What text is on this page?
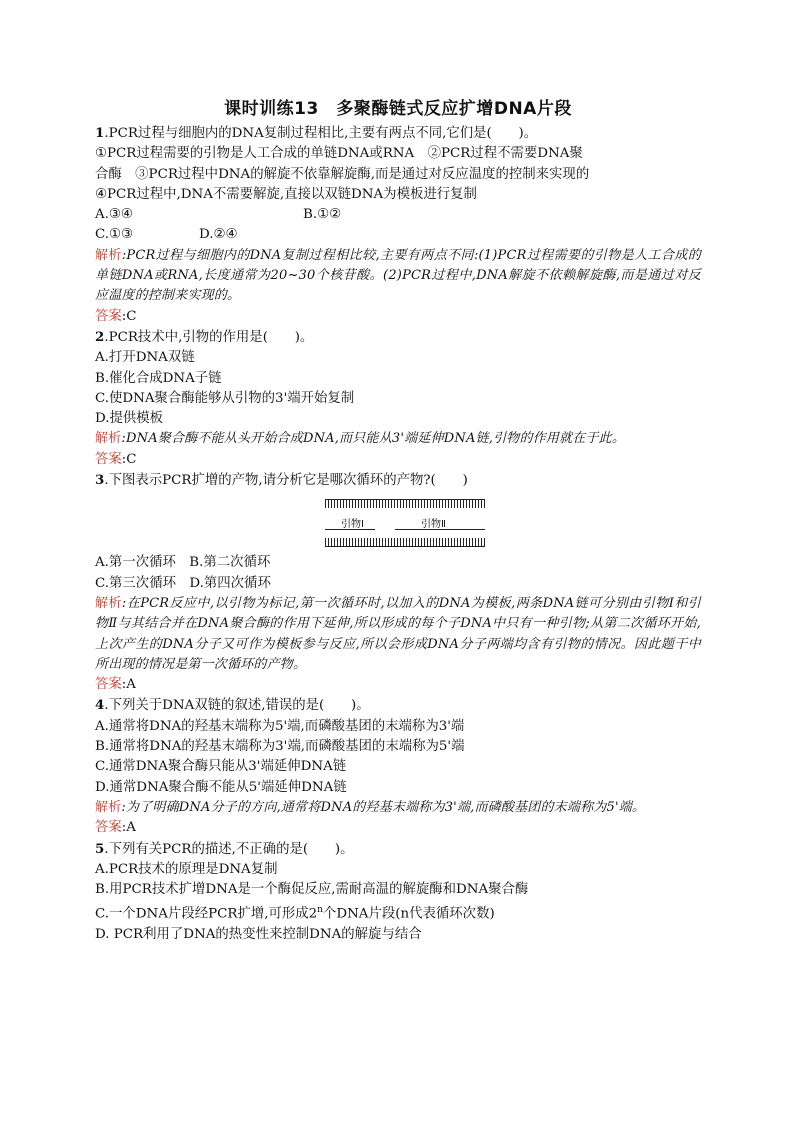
课时训练13　多聚酶链式反应扩增DNA片段
1.PCR过程与细胞内的DNA复制过程相比,主要有两点不同,它们是(　　)。
①PCR过程需要的引物是人工合成的单链DNA或RNA　②PCR过程不需要DNA聚
合酶　③PCR过程中DNA的解旋不依靠解旋酶,而是通过对反应温度的控制来实现的
④PCR过程中,DNA不需要解旋,直接以双链DNA为模板进行复制
A.③④	B.①②
C.①③	D.②④
解析:PCR过程与细胞内的DNA复制过程相比较,主要有两点不同:(1)PCR过程需要的引物是人工合成的单链DNA或RNA,长度通常为20~30个核苷酸。(2)PCR过程中,DNA解旋不依赖解旋酶,而是通过对反应温度的控制来实现的。
答案:C
2.PCR技术中,引物的作用是(　　)。
A.打开DNA双链
B.催化合成DNA子链
C.使DNA聚合酶能够从引物的3'端开始复制
D.提供模板
解析:DNA聚合酶不能从头开始合成DNA,而只能从3'端延伸DNA链,引物的作用就在于此。
答案:C
3.下图表示PCR扩增的产物,请分析它是哪次循环的产物?(　　)
引物Ⅰ	引物Ⅱ
A.第一次循环　 B.第二次循环
C.第三次循环　 D.第四次循环
解析:在PCR反应中,以引物为标记,第一次循环时,以加入的DNA为模板,两条DNA链可分别由引物Ⅰ和引物Ⅱ与其结合并在DNA聚合酶的作用下延伸,所以形成的每个子DNA中只有一种引物;从第二次循环开始,上次产生的DNA分子又可作为模板参与反应,所以会形成DNA分子两端均含有引物的情况。因此题干中所出现的情况是第一次循环的产物。
答案:A
4.下列关于DNA双链的叙述,错误的是(　　)。
A.通常将DNA的羟基末端称为5'端,而磷酸基团的末端称为3'端
B.通常将DNA的羟基末端称为3'端,而磷酸基团的末端称为5'端
C.通常DNA聚合酶只能从3'端延伸DNA链
D.通常DNA聚合酶不能从5'端延伸DNA链
解析:为了明确DNA分子的方向,通常将DNA的羟基末端称为3'端,而磷酸基团的末端称为5'端。
答案:A
5.下列有关PCR的描述,不正确的是(　　)。
A.PCR技术的原理是DNA复制
B.用PCR技术扩增DNA是一个酶促反应,需耐高温的解旋酶和DNA聚合酶
C.一个DNA片段经PCR扩增,可形成2$^n$个DNA片段(n代表循环次数)
D. PCR利用了DNA的热变性来控制DNA的解旋与结合
